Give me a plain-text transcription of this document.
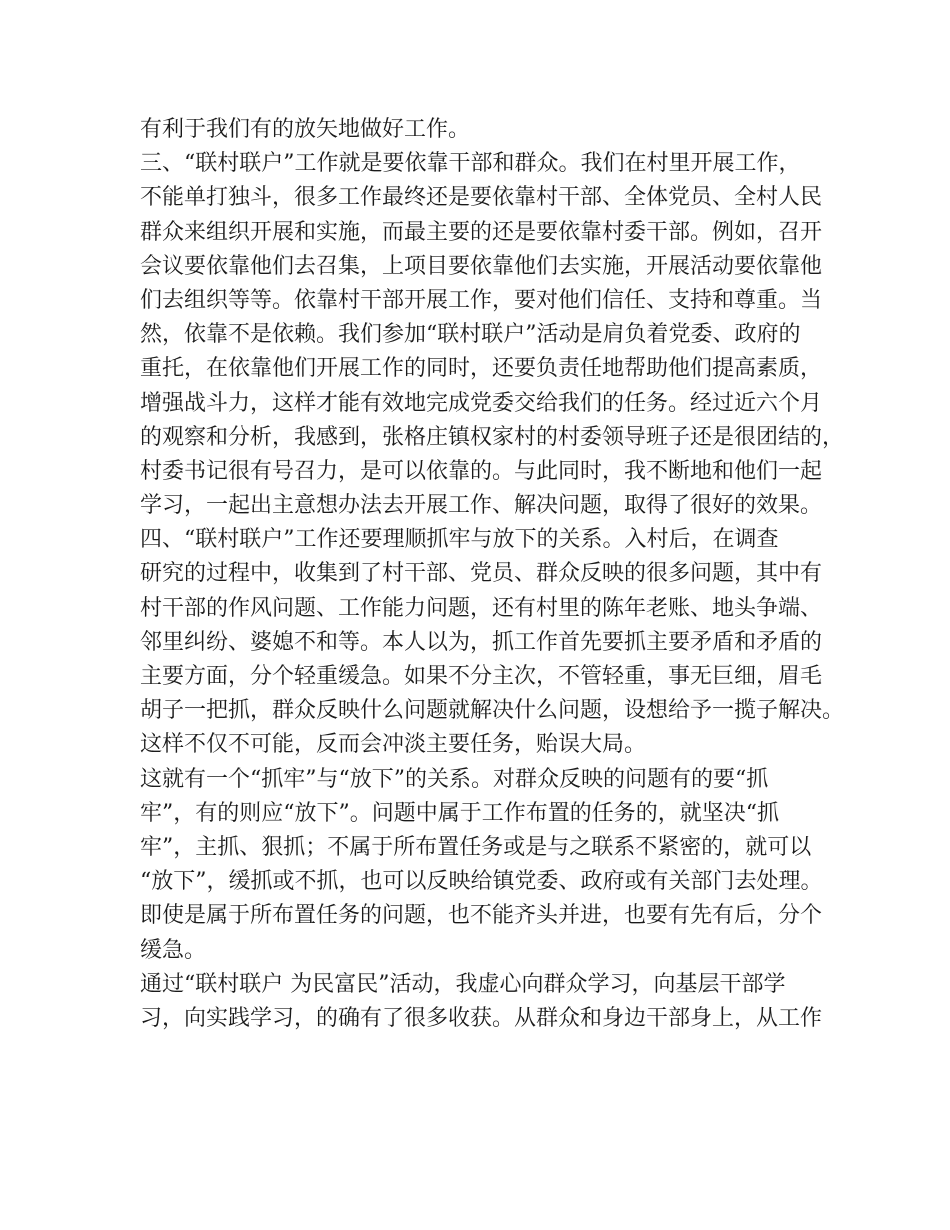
有利于我们有的放矢地做好工作。
三、“联村联户”工作就是要依靠干部和群众。我们在村里开展工作，
不能单打独斗，很多工作最终还是要依靠村干部、全体党员、全村人民
群众来组织开展和实施，而最主要的还是要依靠村委干部。例如，召开
会议要依靠他们去召集，上项目要依靠他们去实施，开展活动要依靠他
们去组织等等。依靠村干部开展工作，要对他们信任、支持和尊重。当
然，依靠不是依赖。我们参加“联村联户”活动是肩负着党委、政府的
重托，在依靠他们开展工作的同时，还要负责任地帮助他们提高素质，
增强战斗力，这样才能有效地完成党委交给我们的任务。经过近六个月
的观察和分析，我感到，张格庄镇权家村的村委领导班子还是很团结的，
村委书记很有号召力，是可以依靠的。与此同时，我不断地和他们一起
学习，一起出主意想办法去开展工作、解决问题，取得了很好的效果。
四、“联村联户”工作还要理顺抓牢与放下的关系。入村后，在调查
研究的过程中，收集到了村干部、党员、群众反映的很多问题，其中有
村干部的作风问题、工作能力问题，还有村里的陈年老账、地头争端、
邻里纠纷、婆媳不和等。本人以为，抓工作首先要抓主要矛盾和矛盾的
主要方面，分个轻重缓急。如果不分主次，不管轻重，事无巨细，眉毛
胡子一把抓，群众反映什么问题就解决什么问题，设想给予一揽子解决。
这样不仅不可能，反而会冲淡主要任务，贻误大局。
这就有一个“抓牢”与“放下”的关系。对群众反映的问题有的要“抓
牢”，有的则应“放下”。问题中属于工作布置的任务的，就坚决“抓
牢”，主抓、狠抓；不属于所布置任务或是与之联系不紧密的，就可以
“放下”，缓抓或不抓，也可以反映给镇党委、政府或有关部门去处理。
即使是属于所布置任务的问题，也不能齐头并进，也要有先有后，分个
缓急。
通过“联村联户 为民富民”活动，我虚心向群众学习，向基层干部学
习，向实践学习，的确有了很多收获。从群众和身边干部身上，从工作
